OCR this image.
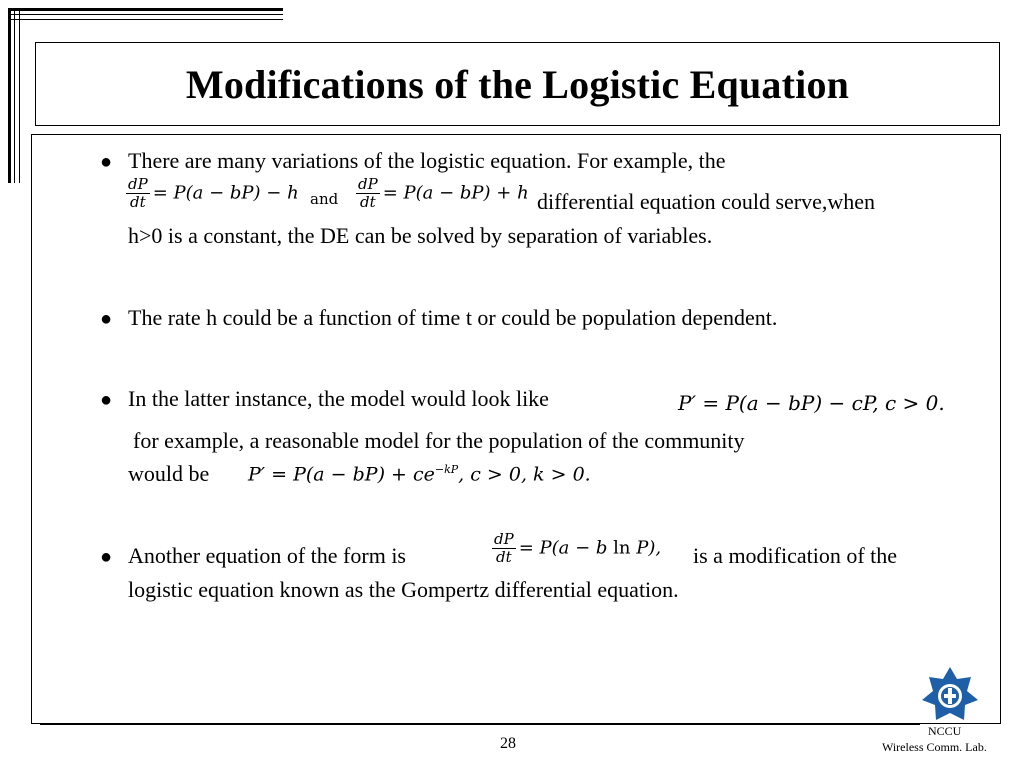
Modifications of the Logistic Equation
● There are many variations of the logistic equation. For example, the
$\frac{dP}{dt} = P(a - bP) - h$ and	$\frac{dP}{dt} = P(a - bP) + h$ differential equation could serve,when
h>0 is a constant, the DE can be solved by separation of variables.
● The rate h could be a function of time t or could be population dependent.
● In the latter instance, the model would look like	P′ = P(a − bP) − cP, c > 0.
for example, a reasonable model for the population of the community
would be $P' = P(a - bP) + ce^{-kP}$, c > 0, k > 0.
● Another equation of the form is	$\frac{dP}{dt} = P(a - b$ ln P), is a modification of the
logistic equation known as the Gompertz differential equation.
28
NCCU
Wireless Comm. Lab.
